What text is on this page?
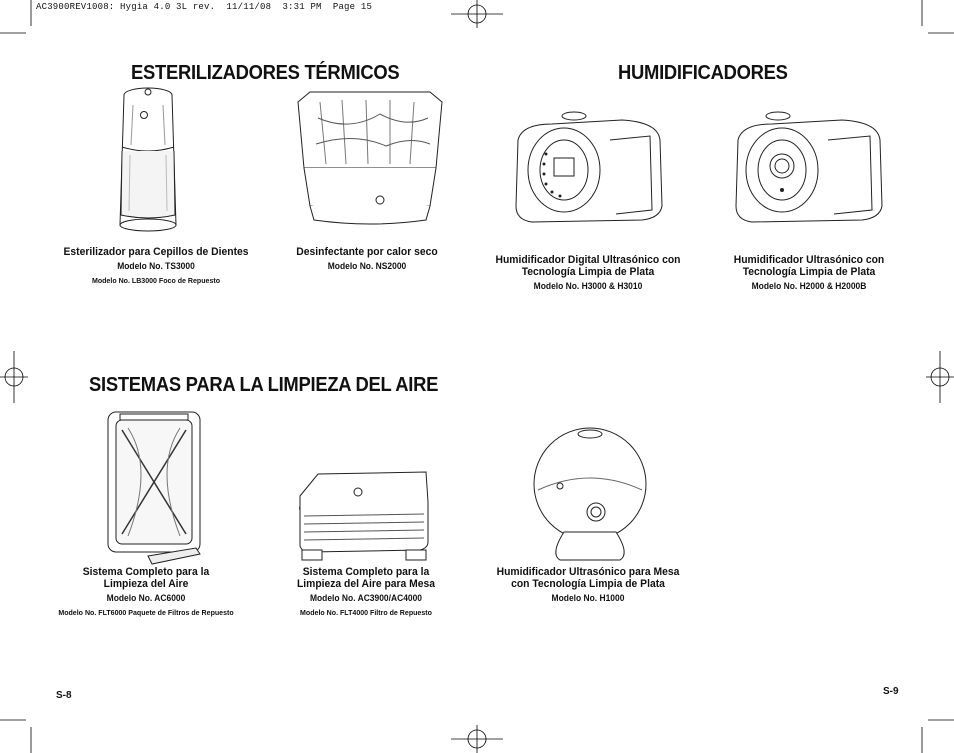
AC3900REV1008: Hygia 4.0 3L rev.  11/11/08  3:31 PM  Page 15
ESTERILIZADORES TÉRMICOS	HUMIDIFICADORES
SISTEMAS PARA LA LIMPIEZA DEL AIRE
Esterilizador para Cepillos de Dientes
Modelo No. TS3000
Modelo No. LB3000 Foco de Repuesto
Desinfectante por calor seco
Modelo No. NS2000	Humidificador Digital Ultrasónico con
Tecnología Limpia de Plata
Modelo No. H3000 & H3010
Humidificador Ultrasónico con
Tecnología Limpia de Plata
Modelo No. H2000 & H2000B
Sistema Completo para la
Limpieza del Aire
Modelo No. AC6000
Modelo No. FLT6000 Paquete de Filtros de Repuesto
Sistema Completo para la
Limpieza del Aire para Mesa
Modelo No. AC3900/AC4000
Modelo No. FLT4000 Filtro de Repuesto
Humidificador Ultrasónico para Mesa
con Tecnología Limpia de Plata
Modelo No. H1000
S-8	S-9
